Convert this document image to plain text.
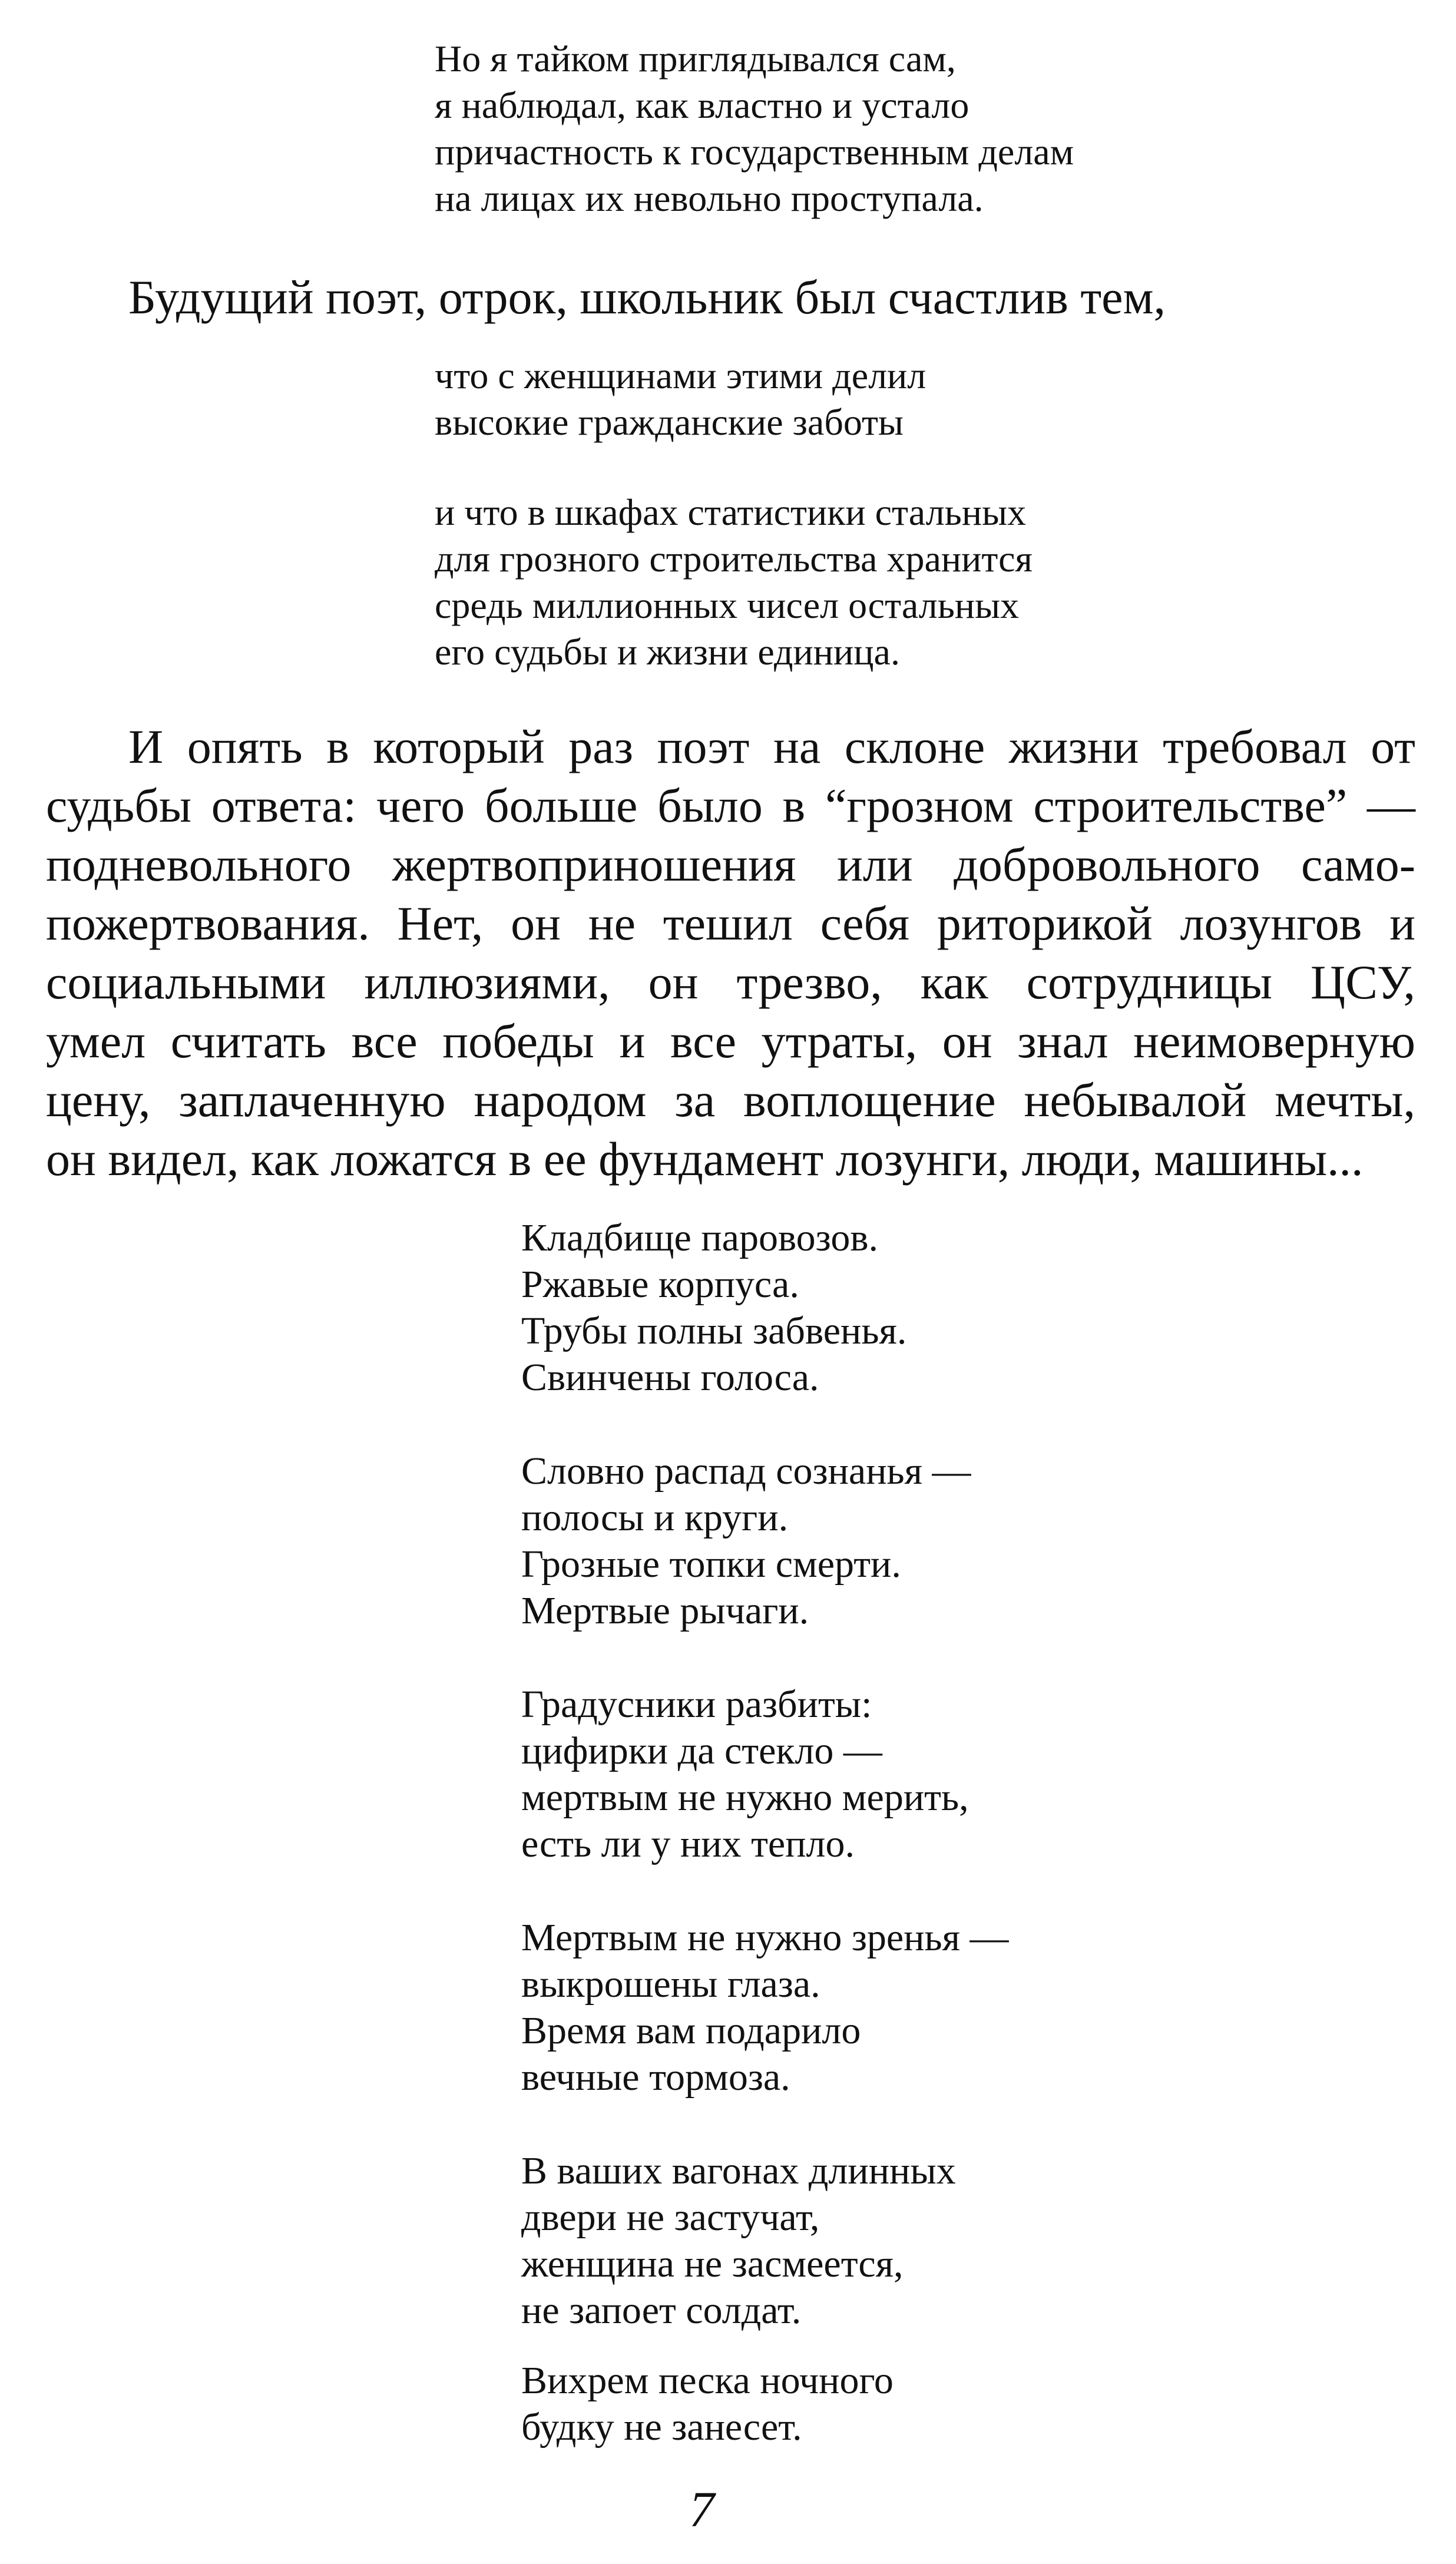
Но я тайком приглядывался сам,
я наблюдал, как властно и устало
причастность к государственным делам
на лицах их невольно проступала.

Будущий поэт, отрок, школьник был счастлив тем,

что с женщинами этими делил
высокие гражданские заботы
и что в шкафах статистики стальных
для грозного строительства хранится
средь миллионных чисел остальных
его судьбы и жизни единица.
И опять в который раз поэт на склоне жизни требовал от
судьбы ответа: чего больше было в “грозном строительстве” —
подневольного жертвоприношения или добровольного само-
пожертвования. Нет, он не тешил себя риторикой лозунгов и
социальными иллюзиями, он трезво, как сотрудницы ЦСУ,
умел считать все победы и все утраты, он знал неимоверную
цену, заплаченную народом за воплощение небывалой мечты,
он видел, как ложатся в ее фундамент лозунги, люди, машины...
Кладбище паровозов.
Ржавые корпуса.
Трубы полны забвенья.
Свинчены голоса.
Словно распад сознанья —
полосы и круги.
Грозные топки смерти.
Мертвые рычаги.
Градусники разбиты:
цифирки да стекло —
мертвым не нужно мерить,
есть ли у них тепло.
Мертвым не нужно зренья —
выкрошены глаза.
Время вам подарило
вечные тормоза.
В ваших вагонах длинных
двери не застучат,
женщина не засмеется,
не запоет солдат.
Вихрем песка ночного
будку не занесет.
7
